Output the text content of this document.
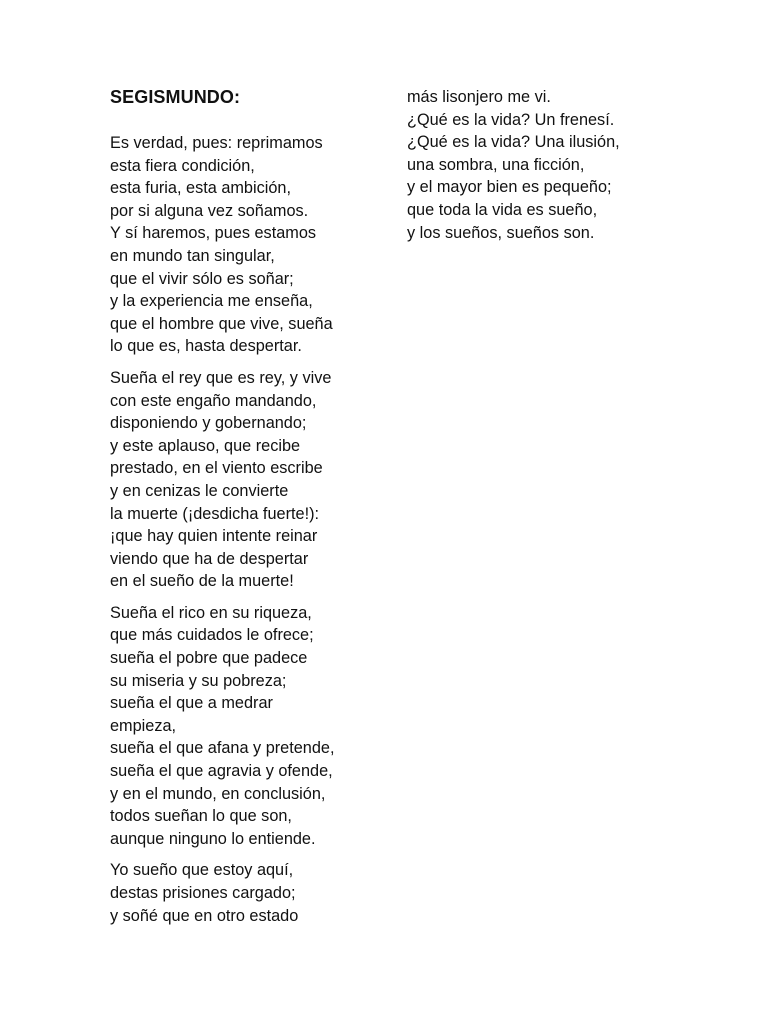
SEGISMUNDO:
Es verdad, pues: reprimamos
esta fiera condición,
esta furia, esta ambición,
por si alguna vez soñamos.
Y sí haremos, pues estamos
en mundo tan singular,
que el vivir sólo es soñar;
y la experiencia me enseña,
que el hombre que vive, sueña
lo que es, hasta despertar.
Sueña el rey que es rey, y vive
con este engaño mandando,
disponiendo y gobernando;
y este aplauso, que recibe
prestado, en el viento escribe
y en cenizas le convierte
la muerte (¡desdicha fuerte!):
¡que hay quien intente reinar
viendo que ha de despertar
en el sueño de la muerte!
Sueña el rico en su riqueza,
que más cuidados le ofrece;
sueña el pobre que padece
su miseria y su pobreza;
sueña el que a medrar
empieza,
sueña el que afana y pretende,
sueña el que agravia y ofende,
y en el mundo, en conclusión,
todos sueñan lo que son,
aunque ninguno lo entiende.
Yo sueño que estoy aquí,
destas prisiones cargado;
y soñé que en otro estado
más lisonjero me vi.
¿Qué es la vida? Un frenesí.
¿Qué es la vida? Una ilusión,
una sombra, una ficción,
y el mayor bien es pequeño;
que toda la vida es sueño,
y los sueños, sueños son.
